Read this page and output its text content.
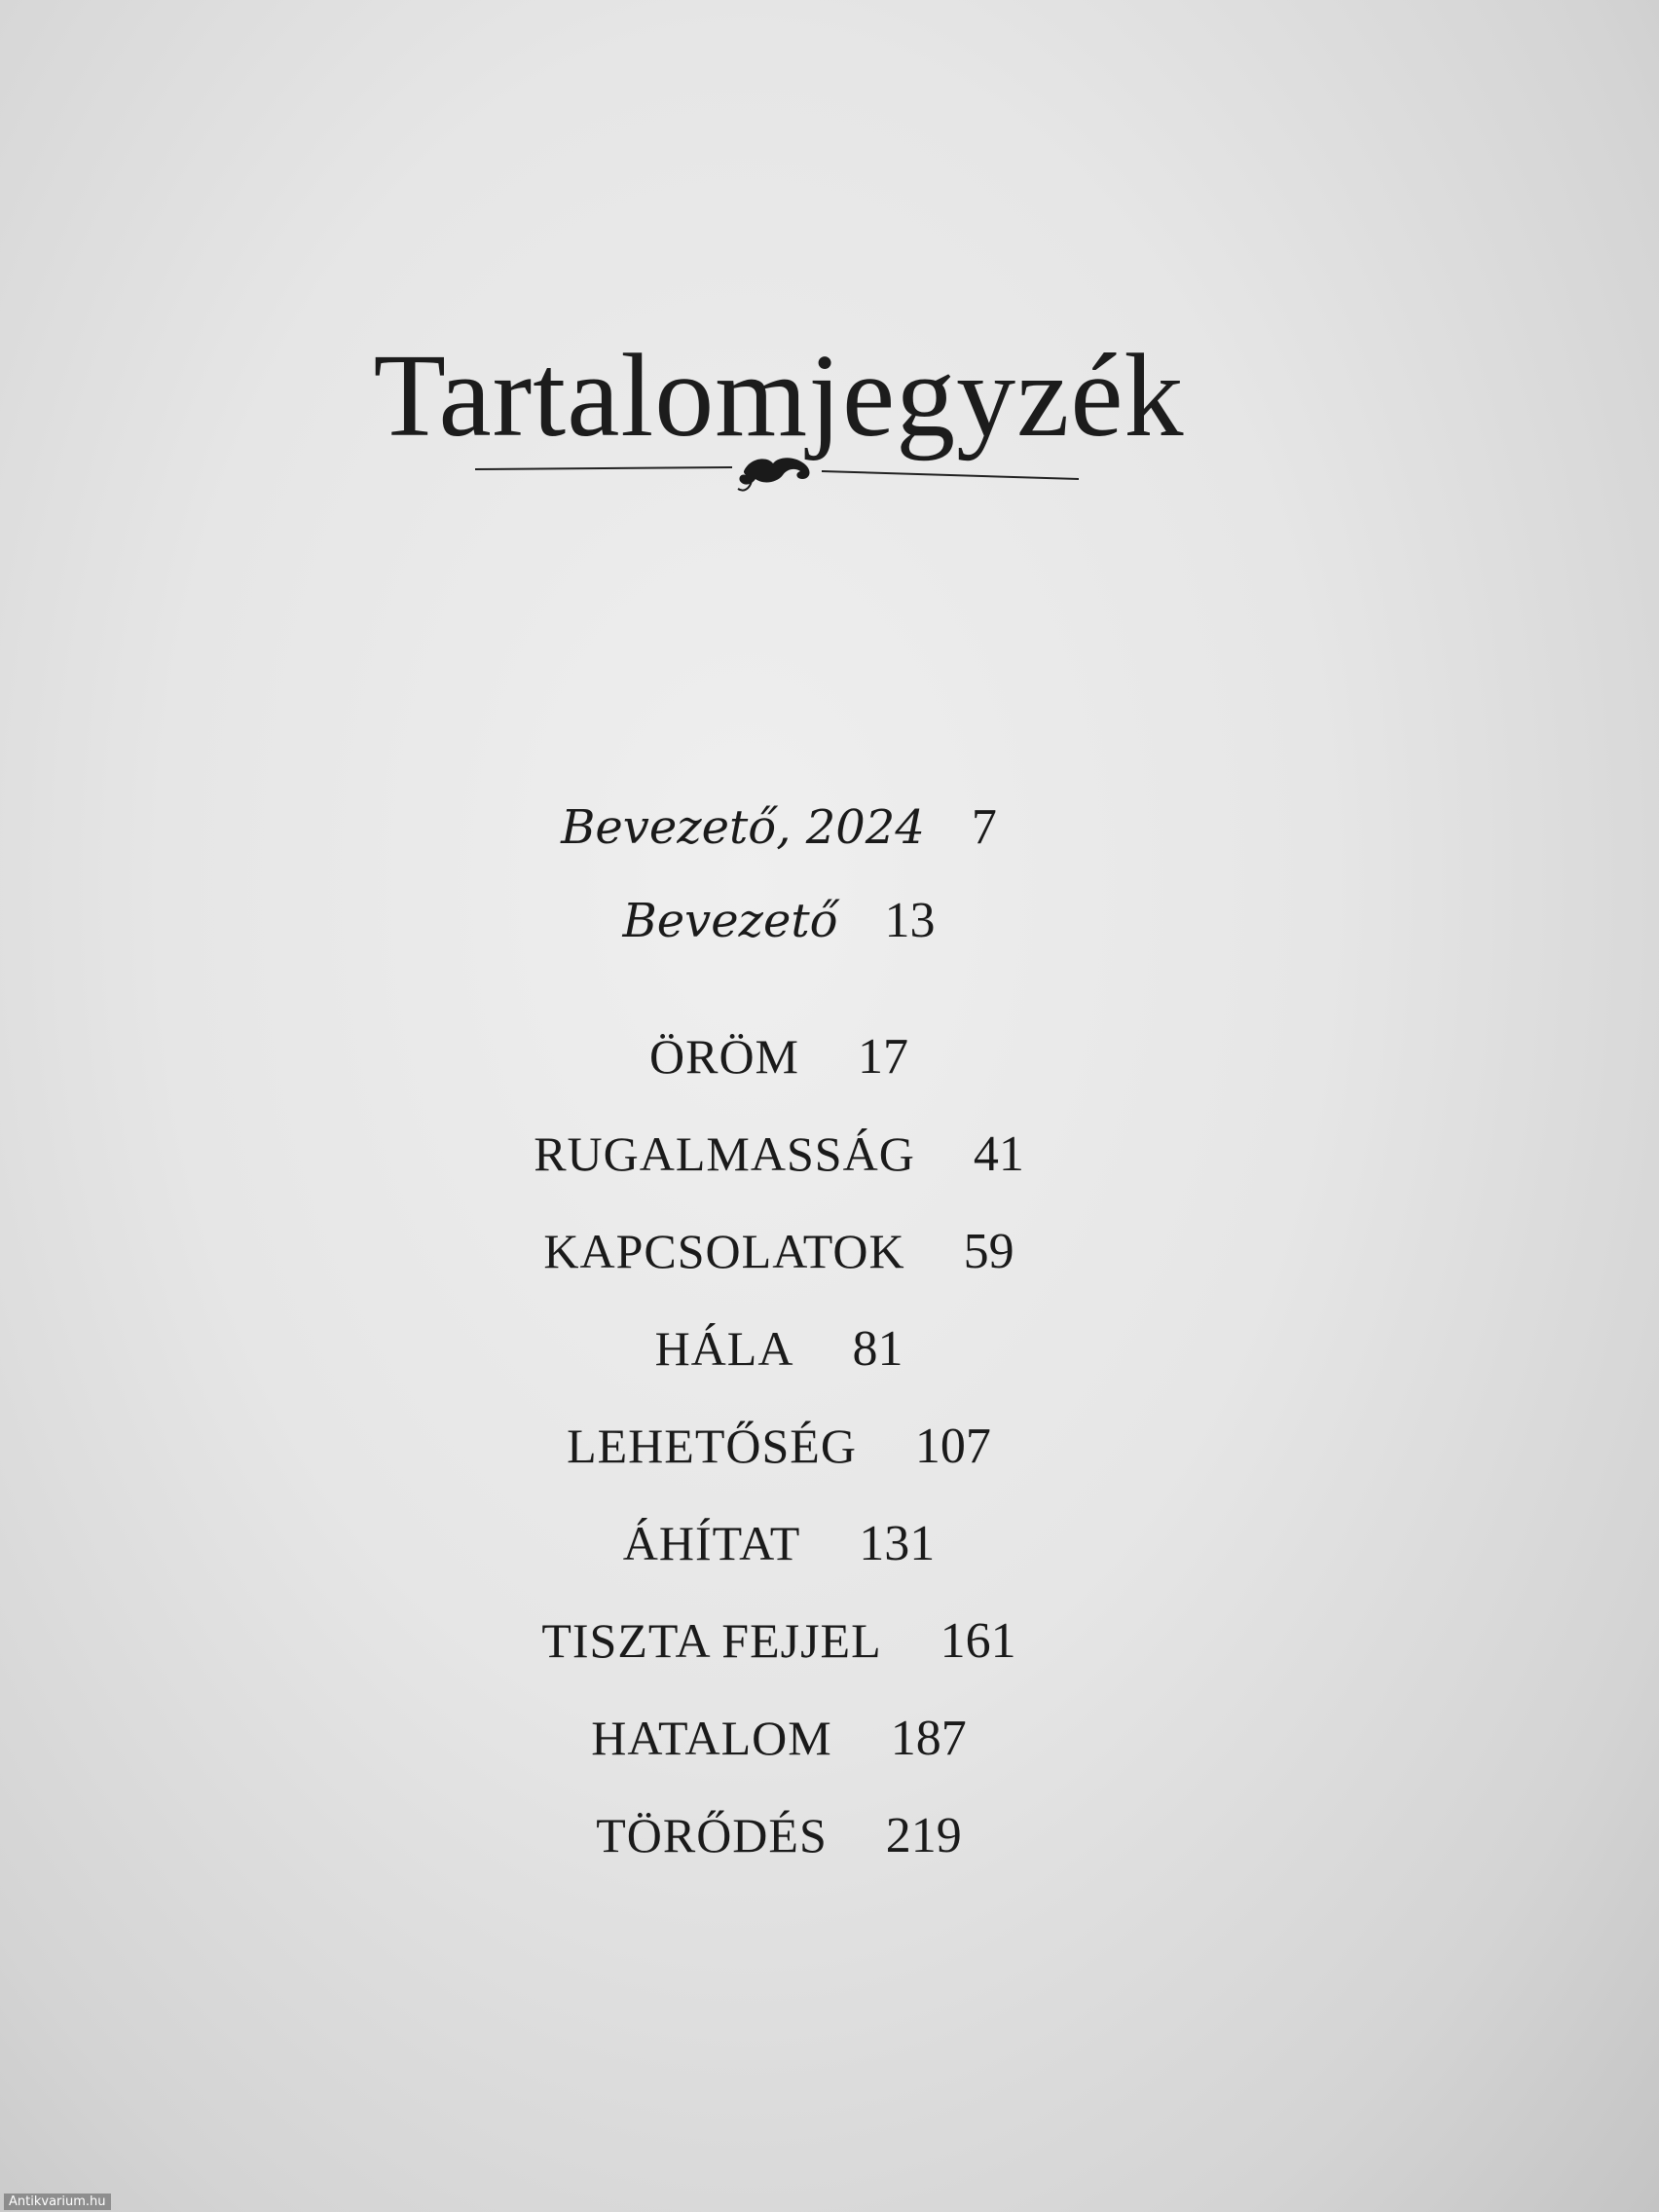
Tartalomjegyzék
Bevezető, 2024 7
Bevezető 13
ÖRÖM 17
RUGALMASSÁG 41
KAPCSOLATOK 59
HÁLA 81
LEHETŐSÉG 107
ÁHÍTAT 131
TISZTA FEJJEL 161
HATALOM 187
TÖRŐDÉS 219
Antikvarium.hu
